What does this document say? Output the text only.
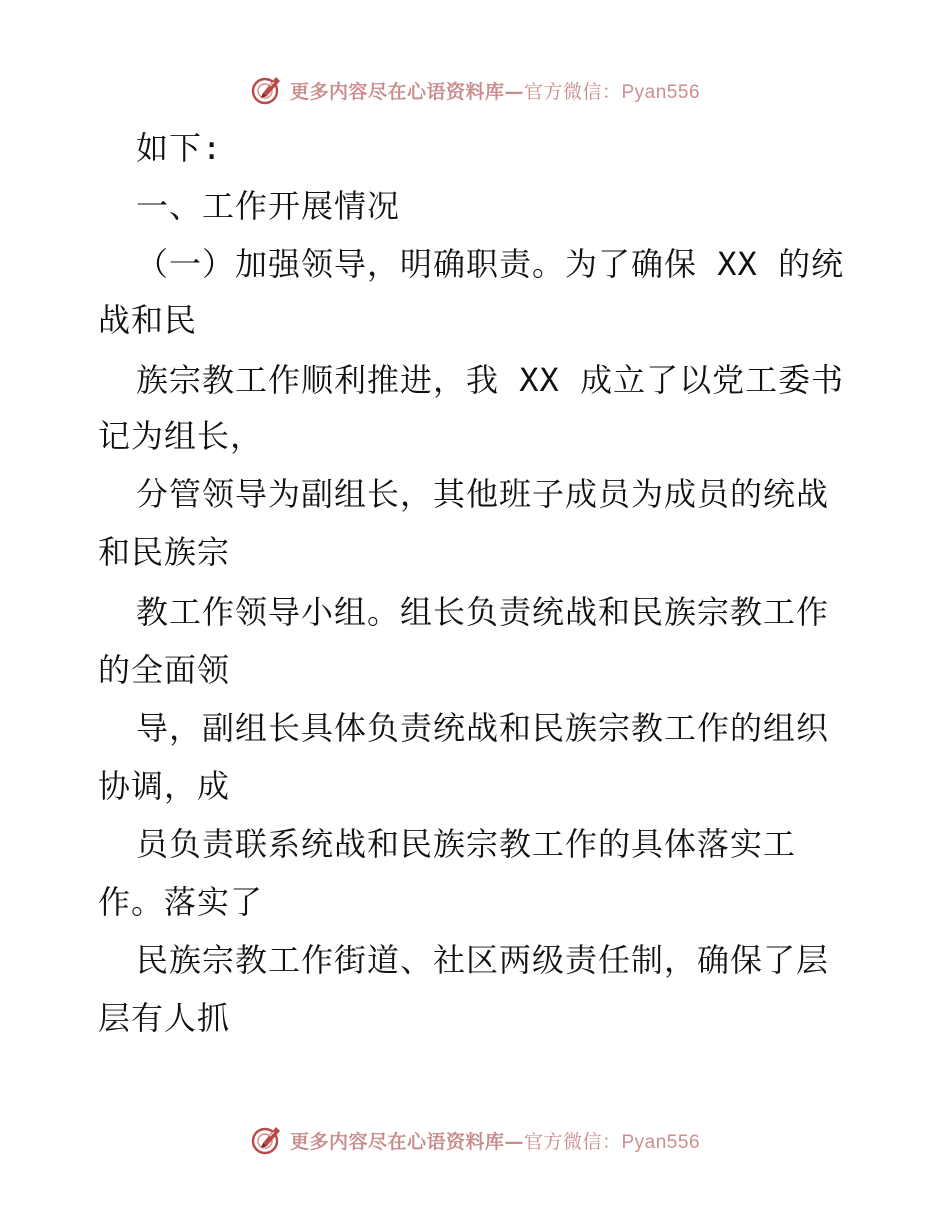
更多内容尽在心语资料库—官方微信：Pyan556
如下:
一、工作开展情况
（一）加强领导，明确职责。为了确保 XX 的统
战和民
族宗教工作顺利推进，我 XX 成立了以党工委书
记为组长，
分管领导为副组长，其他班子成员为成员的统战
和民族宗
教工作领导小组。组长负责统战和民族宗教工作
的全面领
导，副组长具体负责统战和民族宗教工作的组织
协调，成
员负责联系统战和民族宗教工作的具体落实工
作。落实了
民族宗教工作街道、社区两级责任制，确保了层
层有人抓
更多内容尽在心语资料库—官方微信：Pyan556
